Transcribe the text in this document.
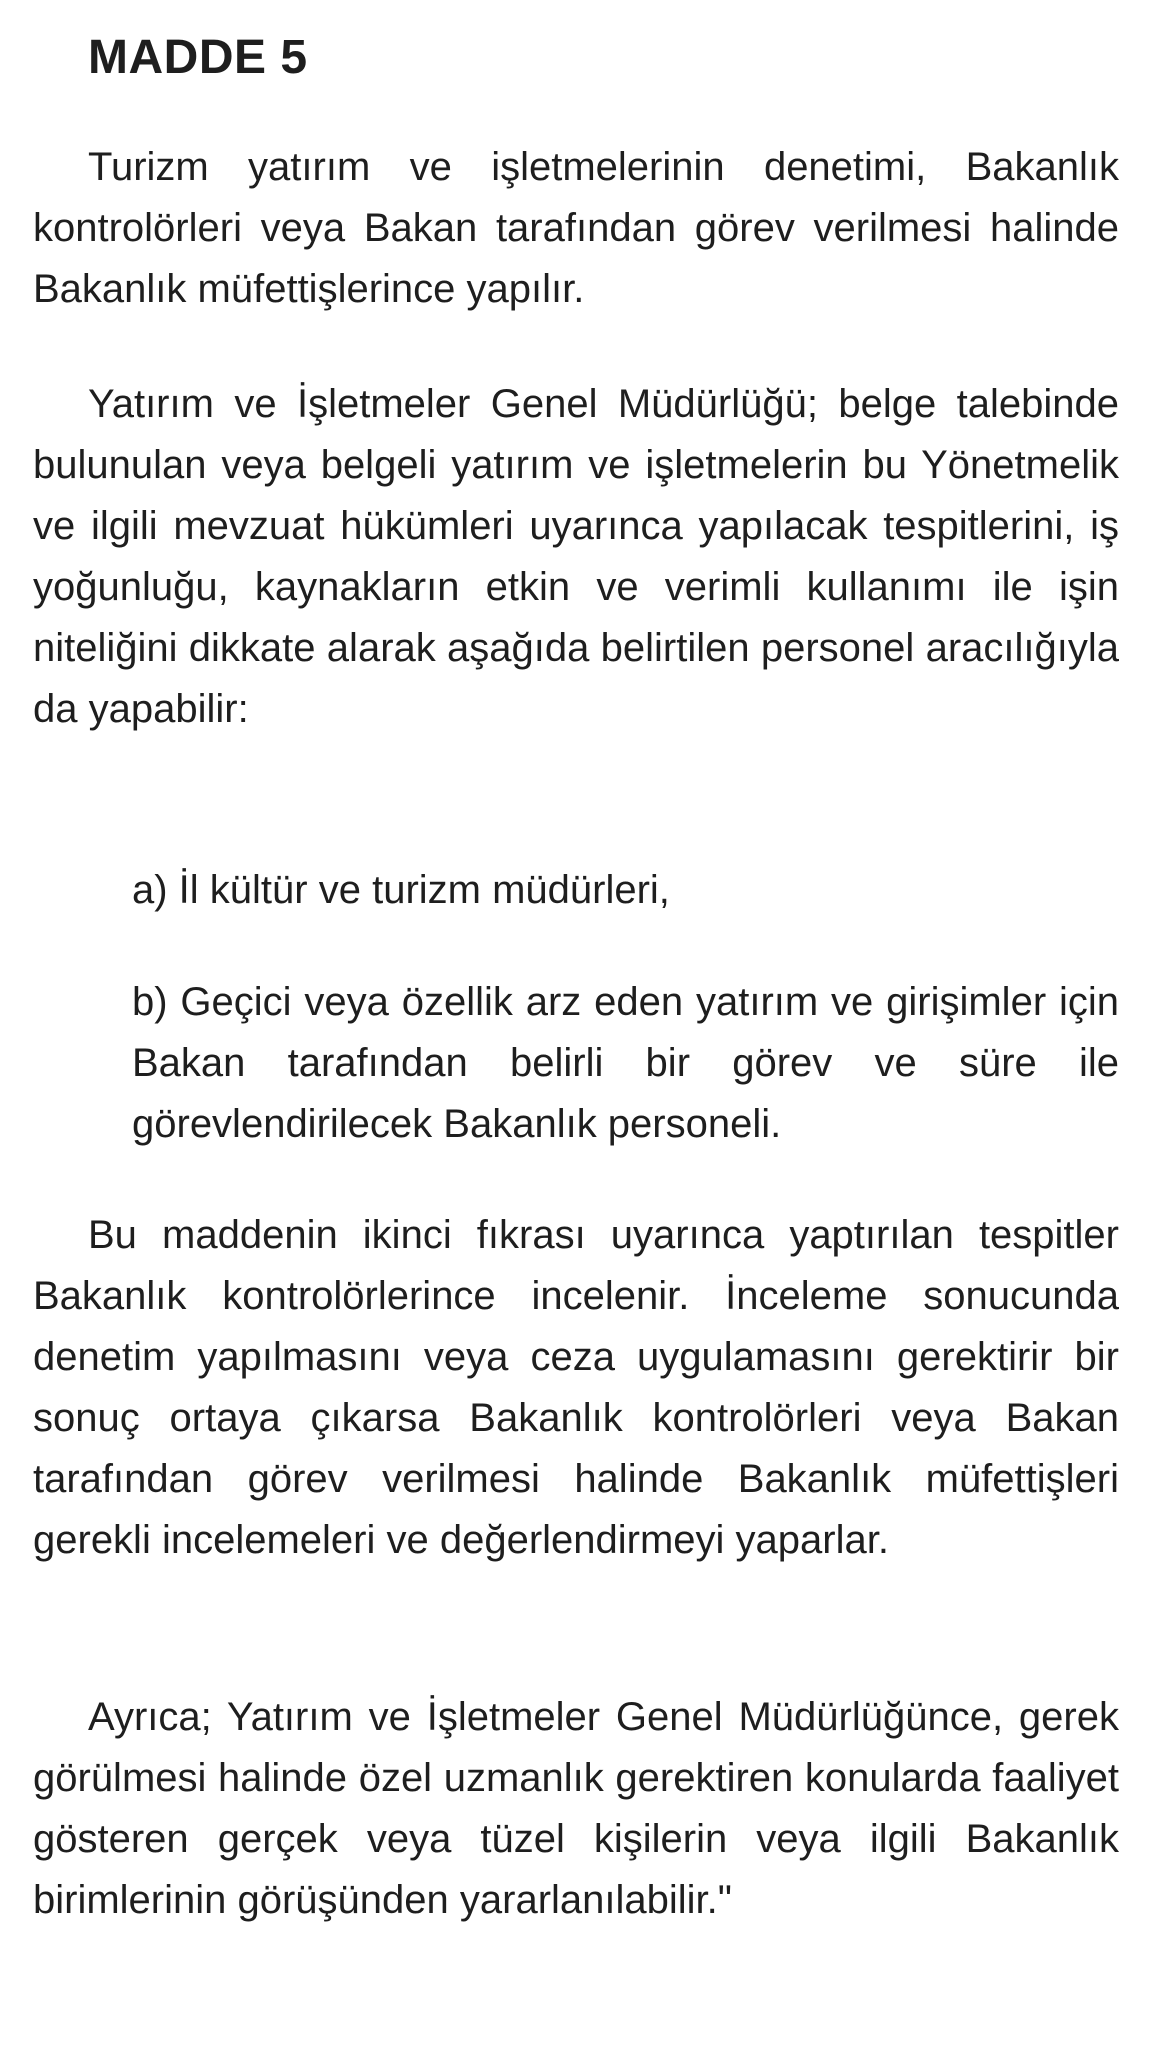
MADDE 5

Turizm yatırım ve işletmelerinin denetimi, Bakanlık kontrolörleri veya Bakan tarafından görev verilmesi halinde Bakanlık müfettişlerince yapılır.

Yatırım ve İşletmeler Genel Müdürlüğü; belge talebinde bulunulan veya belgeli yatırım ve işletmelerin bu Yönetmelik ve ilgili mevzuat hükümleri uyarınca yapılacak tespitlerini, iş yoğunluğu, kaynakların etkin ve verimli kullanımı ile işin niteliğini dikkate alarak aşağıda belirtilen personel aracılığıyla da yapabilir:

a) İl kültür ve turizm müdürleri,

b) Geçici veya özellik arz eden yatırım ve girişimler için Bakan tarafından belirli bir görev ve süre ile görevlendirilecek Bakanlık personeli.

Bu maddenin ikinci fıkrası uyarınca yaptırılan tespitler Bakanlık kontrolörlerince incelenir. İnceleme sonucunda denetim yapılmasını veya ceza uygulamasını gerektirir bir sonuç ortaya çıkarsa Bakanlık kontrolörleri veya Bakan tarafından görev verilmesi halinde Bakanlık müfettişleri gerekli incelemeleri ve değerlendirmeyi yaparlar.

Ayrıca; Yatırım ve İşletmeler Genel Müdürlüğünce, gerek görülmesi halinde özel uzmanlık gerektiren konularda faaliyet gösteren gerçek veya tüzel kişilerin veya ilgili Bakanlık birimlerinin görüşünden yararlanılabilir."
